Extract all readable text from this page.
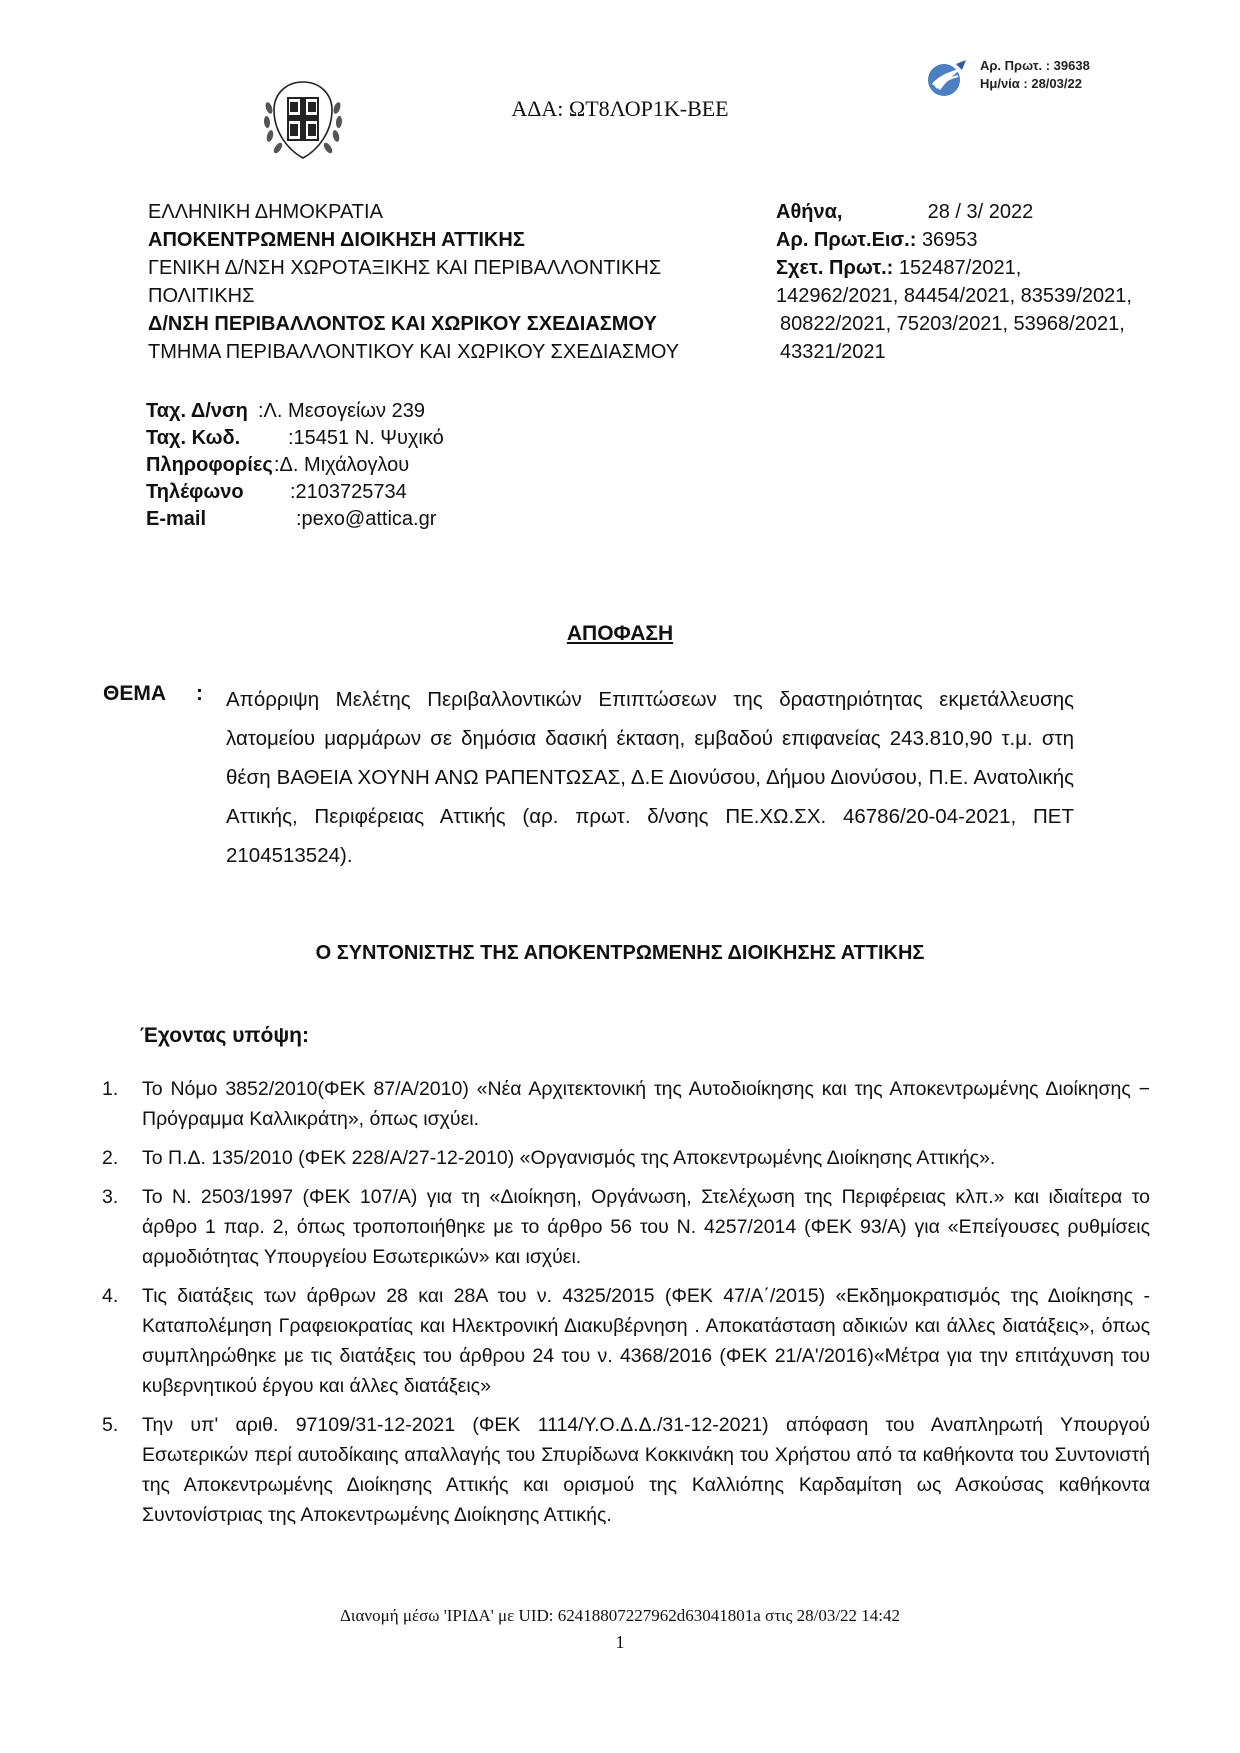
ΑΔΑ: ΩΤ8ΛΟΡ1Κ-ΒΕΕ
Αρ. Πρωτ. : 39638
Ημ/νία : 28/03/22
ΕΛΛΗΝΙΚΗ ΔΗΜΟΚΡΑΤΙΑ
ΑΠΟΚΕΝΤΡΩΜΕΝΗ ΔΙΟΙΚΗΣΗ ΑΤΤΙΚΗΣ
ΓΕΝΙΚΗ Δ/ΝΣΗ ΧΩΡΟΤΑΞΙΚΗΣ ΚΑΙ ΠΕΡΙΒΑΛΛΟΝΤΙΚΗΣ
ΠΟΛΙΤΙΚΗΣ
Δ/ΝΣΗ ΠΕΡΙΒΑΛΛΟΝΤΟΣ ΚΑΙ ΧΩΡΙΚΟΥ ΣΧΕΔΙΑΣΜΟΥ
ΤΜΗΜΑ ΠΕΡΙΒΑΛΛΟΝΤΙΚΟΥ ΚΑΙ ΧΩΡΙΚΟΥ ΣΧΕΔΙΑΣΜΟΥ
Αθήνα,	28 / 3/ 2022
Αρ. Πρωτ.Εισ.: 36953
Σχετ. Πρωτ.: 152487/2021,
142962/2021, 84454/2021, 83539/2021,
80822/2021, 75203/2021, 53968/2021,
43321/2021
Ταχ. Δ/νση :Λ. Μεσογείων 239
Ταχ. Κωδ. :15451 Ν. Ψυχικό
Πληροφορίες :Δ. Μιχάλογλου
Τηλέφωνο :2103725734
E-mail	:pexo@attica.gr
ΑΠΟΦΑΣΗ
ΘΕΜΑ : Απόρριψη Μελέτης Περιβαλλοντικών Επιπτώσεων της δραστηριότητας εκμετάλλευσης λατομείου μαρμάρων σε δημόσια δασική έκταση, εμβαδού επιφανείας 243.810,90 τ.μ. στη θέση ΒΑΘΕΙΑ ΧΟΥΝΗ ΑΝΩ ΡΑΠΕΝΤΩΣΑΣ, Δ.Ε Διονύσου, Δήμου Διονύσου, Π.Ε. Ανατολικής Αττικής, Περιφέρειας Αττικής (αρ. πρωτ. δ/νσης ΠΕ.ΧΩ.ΣΧ. 46786/20-04-2021, ΠΕΤ 2104513524).
Ο ΣΥΝΤΟΝΙΣΤΗΣ ΤΗΣ ΑΠΟΚΕΝΤΡΩΜΕΝΗΣ ΔΙΟΙΚΗΣΗΣ ΑΤΤΙΚΗΣ
Έχοντας υπόψη:
1. Το Νόμο 3852/2010(ΦΕΚ 87/Α/2010) «Νέα Αρχιτεκτονική της Αυτοδιοίκησης και της Αποκεντρωμένης Διοίκησης − Πρόγραμμα Καλλικράτη», όπως ισχύει.
2. Το Π.Δ. 135/2010 (ΦΕΚ 228/Α/27-12-2010) «Οργανισμός της Αποκεντρωμένης Διοίκησης Αττικής».
3. Το Ν. 2503/1997 (ΦΕΚ 107/Α) για τη «Διοίκηση, Οργάνωση, Στελέχωση της Περιφέρειας κλπ.» και ιδιαίτερα το άρθρο 1 παρ. 2, όπως τροποποιήθηκε με το άρθρο 56 του Ν. 4257/2014 (ΦΕΚ 93/Α) για «Επείγουσες ρυθμίσεις αρμοδιότητας Υπουργείου Εσωτερικών» και ισχύει.
4. Τις διατάξεις των άρθρων 28 και 28Α του ν. 4325/2015 (ΦΕΚ 47/Α΄/2015) «Εκδημοκρατισμός της Διοίκησης - Καταπολέμηση Γραφειοκρατίας και Ηλεκτρονική Διακυβέρνηση . Αποκατάσταση αδικιών και άλλες διατάξεις», όπως συμπληρώθηκε με τις διατάξεις του άρθρου 24 του ν. 4368/2016 (ΦΕΚ 21/Α'/2016)«Μέτρα για την επιτάχυνση του κυβερνητικού έργου και άλλες διατάξεις»
5. Την υπ' αριθ. 97109/31-12-2021 (ΦΕΚ 1114/Υ.Ο.Δ.Δ./31-12-2021) απόφαση του Αναπληρωτή Υπουργού Εσωτερικών περί αυτοδίκαιης απαλλαγής του Σπυρίδωνα Κοκκινάκη του Χρήστου από τα καθήκοντα του Συντονιστή της Αποκεντρωμένης Διοίκησης Αττικής και ορισμού της Καλλιόπης Καρδαμίτση ως Ασκούσας καθήκοντα Συντονίστριας της Αποκεντρωμένης Διοίκησης Αττικής.
Διανομή μέσω 'ΙΡΙΔΑ' με UID: 62418807227962d63041801a στις 28/03/22 14:42
1
